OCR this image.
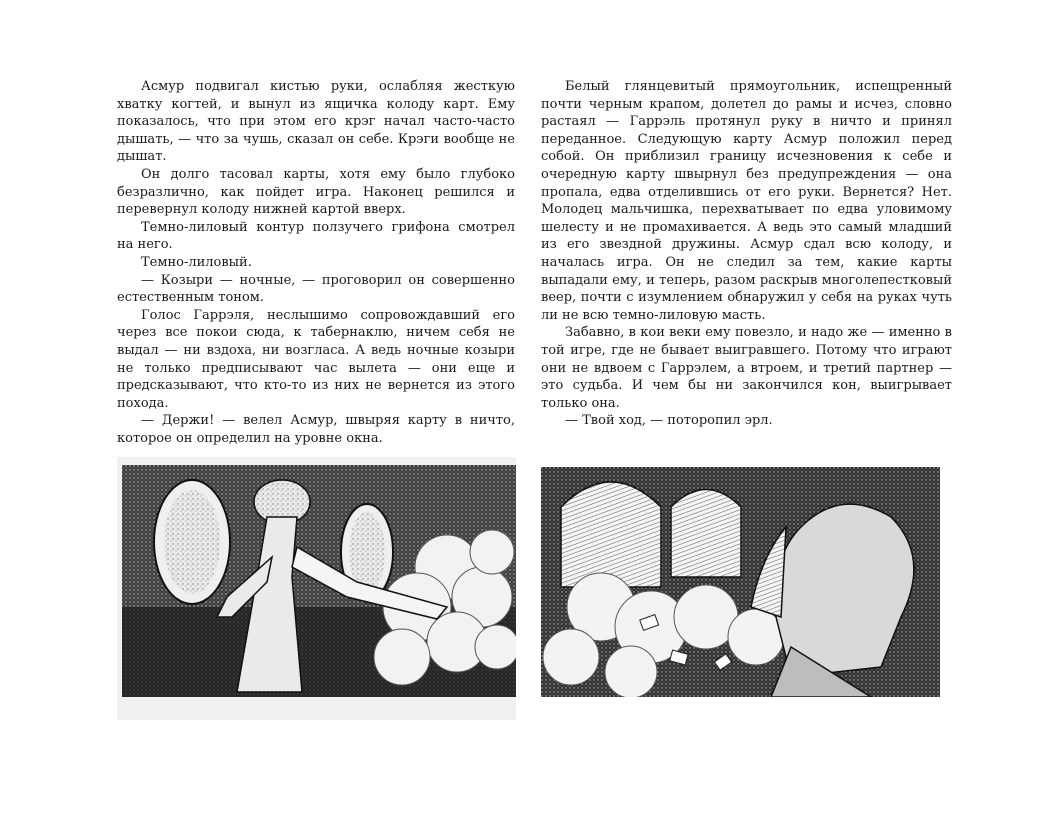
Асмур подвигал кистью руки, ослабляя жесткую хватку когтей, и вынул из ящичка колоду карт. Ему показалось, что при этом его крэг начал часто-часто дышать, — что за чушь, сказал он себе. Крэги вообще не дышат.

Он долго тасовал карты, хотя ему было глубоко безразлично, как пойдет игра. Наконец решился и перевернул колоду нижней картой вверх.

Темно-лиловый контур ползучего грифона смотрел на него.

Темно-лиловый.

— Козыри — ночные, — проговорил он совершенно естественным тоном.

Голос Гаррэля, неслышимо сопровождавший его через все покои сюда, к табернаклю, ничем себя не выдал — ни вздоха, ни возгласа. А ведь ночные козыри не только предписывают час вылета — они еще и предсказывают, что кто-то из них не вернется из этого похода.

— Держи! — велел Асмур, швыряя карту в ничто, которое он определил на уровне окна.

Белый глянцевитый прямоугольник, испещренный почти черным крапом, долетел до рамы и исчез, словно растаял — Гаррэль протянул руку в ничто и принял переданное. Следующую карту Асмур положил перед собой. Он приблизил границу исчезновения к себе и очередную карту швырнул без предупреждения — она пропала, едва отделившись от его руки. Вернется? Нет. Молодец мальчишка, перехватывает по едва уловимому шелесту и не промахивается. А ведь это самый младший из его звездной дружины. Асмур сдал всю колоду, и началась игра. Он не следил за тем, какие карты выпадали ему, и теперь, разом раскрыв многолепестковый веер, почти с изумлением обнаружил у себя на руках чуть ли не всю темно-лиловую масть.

Забавно, в кои веки ему повезло, и надо же — именно в той игре, где не бывает выигравшего. Потому что играют они не вдвоем с Гаррэлем, а втроем, и третий партнер — это судьба. И чем бы ни закончился кон, выигрывает только она.

— Твой ход, — поторопил эрл.
